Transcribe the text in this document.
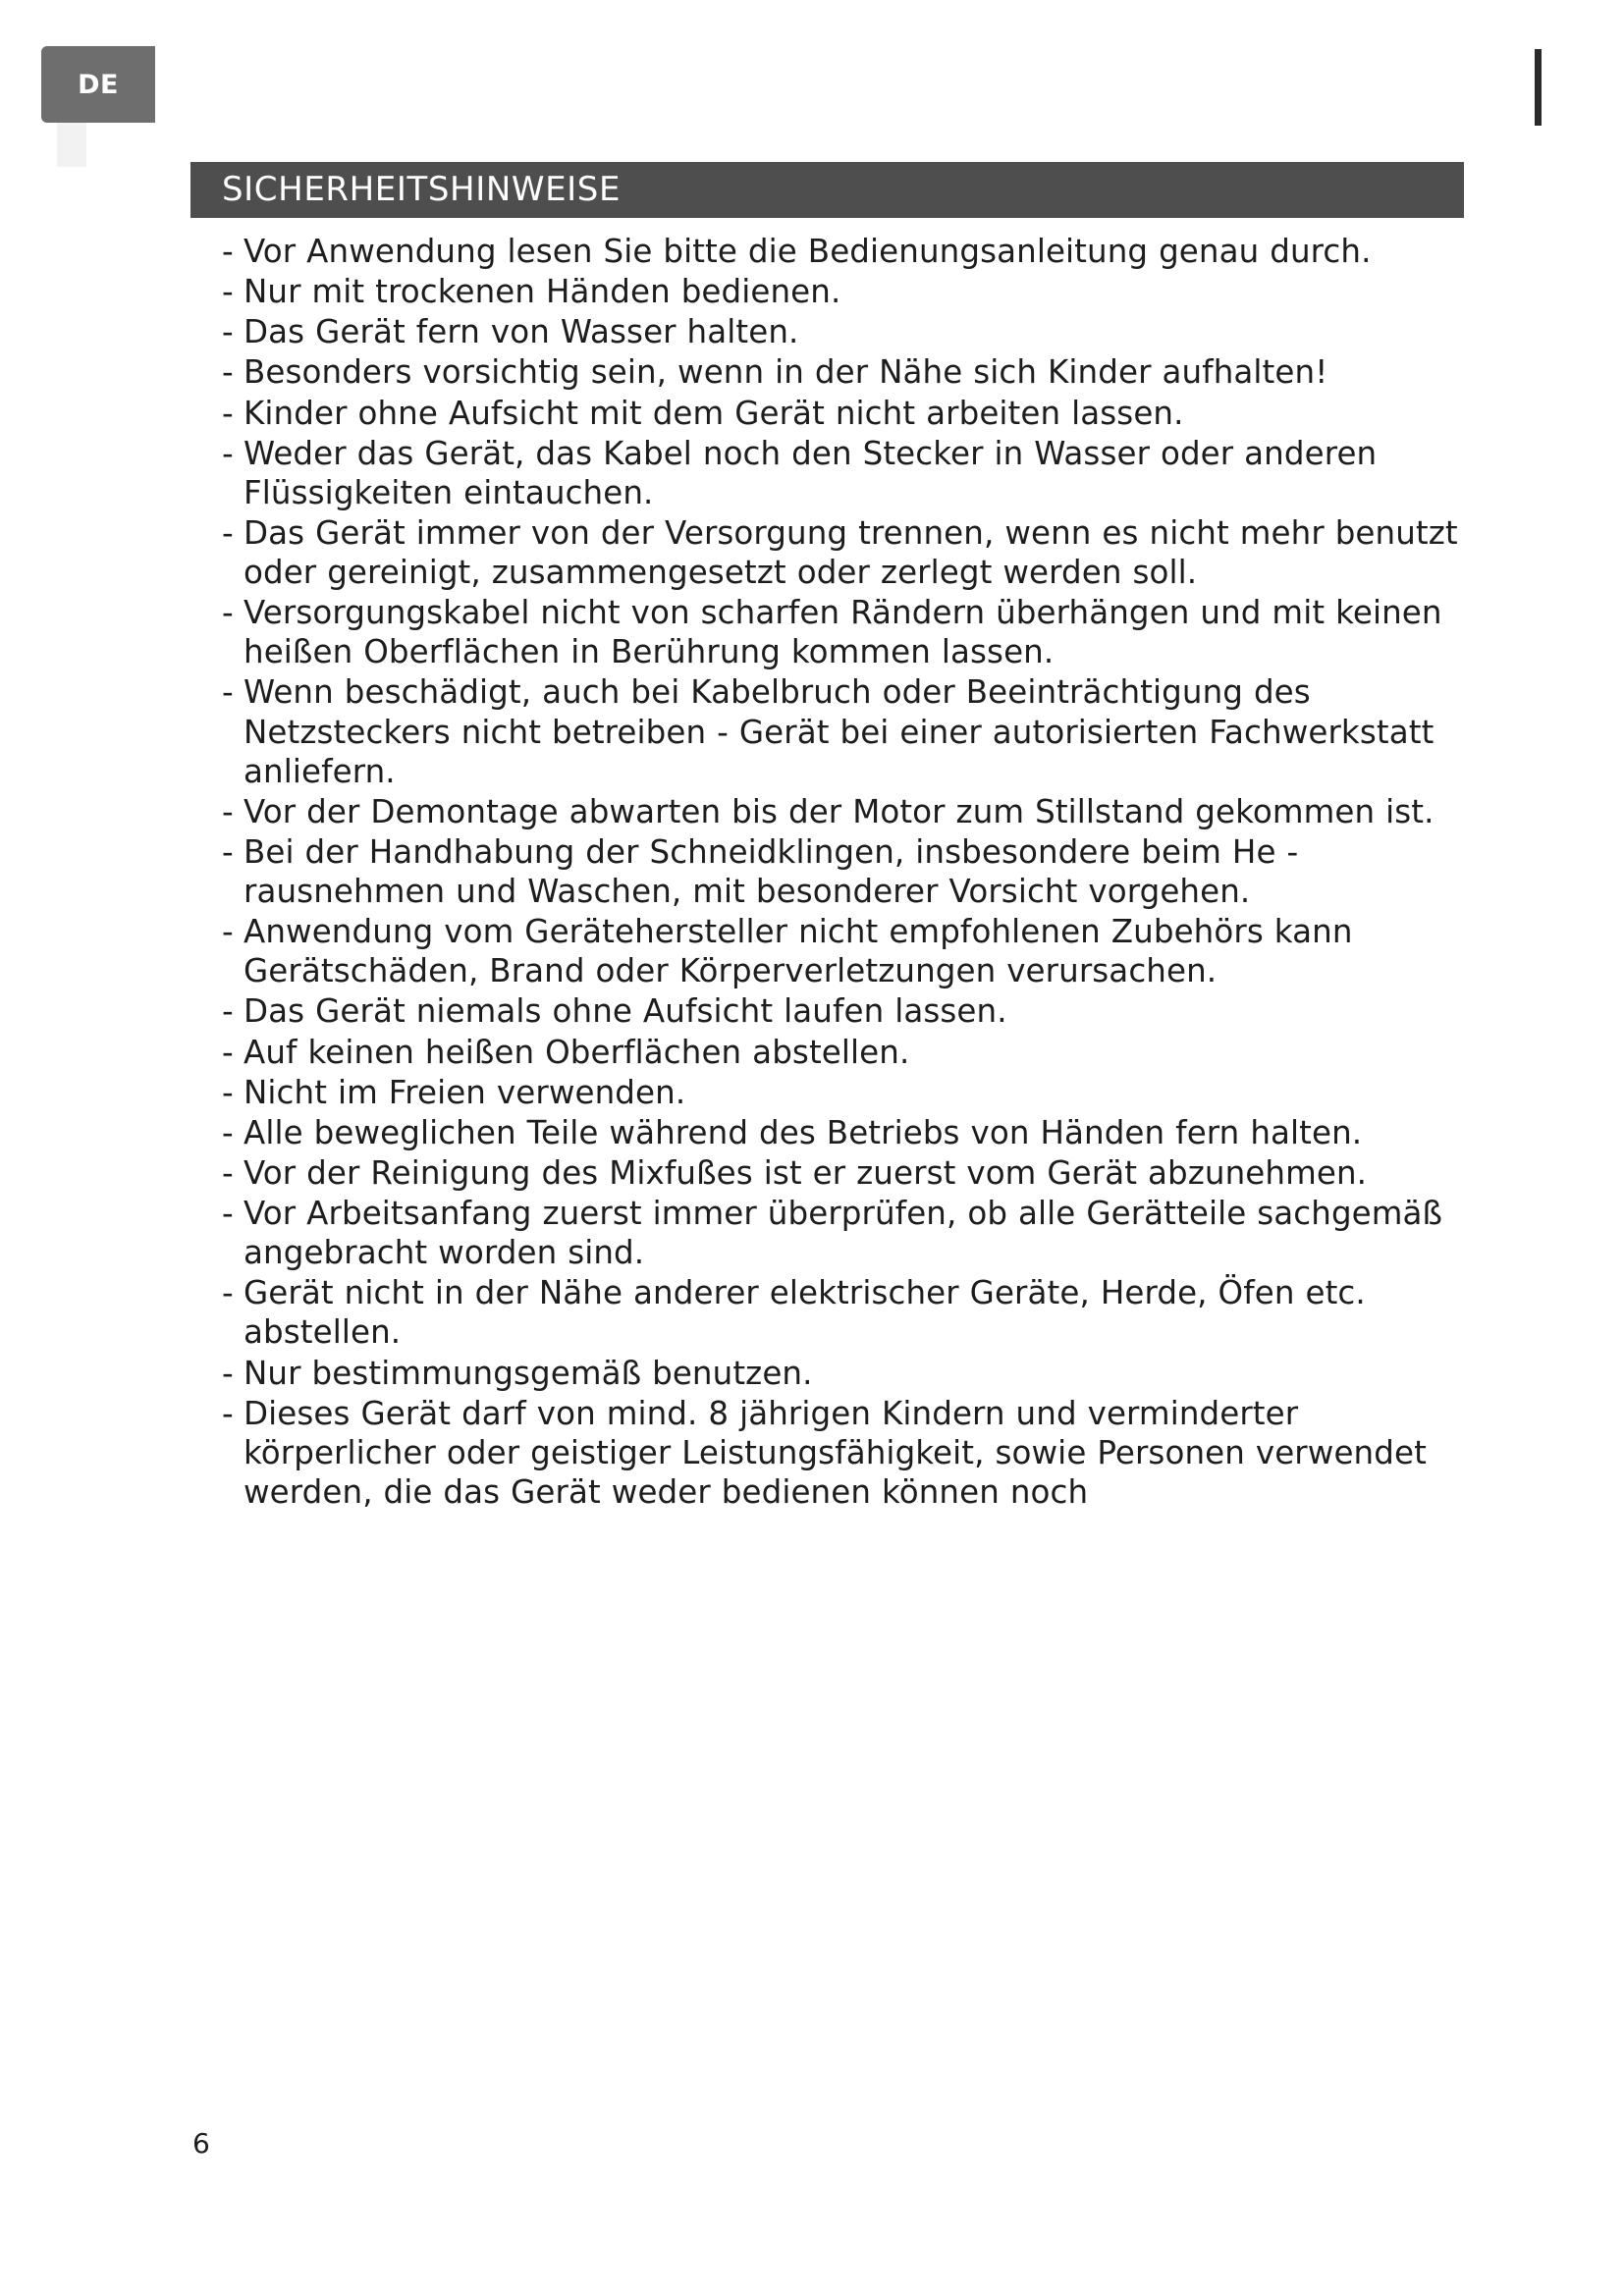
DE
SICHERHEITSHINWEISE
- Vor Anwendung lesen Sie bitte die Bedienungsanleitung genau durch.
- Nur mit trockenen Händen bedienen.
- Das Gerät fern von Wasser halten.
- Besonders vorsichtig sein, wenn in der Nähe sich Kinder aufhalten!
- Kinder ohne Aufsicht mit dem Gerät nicht arbeiten lassen.
- Weder das Gerät, das Kabel noch den Stecker in Wasser oder anderen Flüssigkeiten eintauchen.
- Das Gerät immer von der Versorgung trennen, wenn es nicht mehr benutzt oder gereinigt, zusammengesetzt oder zerlegt werden soll.
- Versorgungskabel nicht von scharfen Rändern überhängen und mit keinen heißen Oberflächen in Berührung kommen lassen.
- Wenn beschädigt, auch bei Kabelbruch oder Beeinträchtigung des Netzsteckers nicht betreiben - Gerät bei einer autorisierten Fachwerkstatt anliefern.
- Vor der Demontage abwarten bis der Motor zum Stillstand gekommen ist.
- Bei der Handhabung der Schneidklingen, insbesondere beim He - rausnehmen und Waschen, mit besonderer Vorsicht vorgehen.
- Anwendung vom Gerätehersteller nicht empfohlenen Zubehörs kann Gerätschäden, Brand oder Körperverletzungen verursachen.
- Das Gerät niemals ohne Aufsicht laufen lassen.
- Auf keinen heißen Oberflächen abstellen.
- Nicht im Freien verwenden.
- Alle beweglichen Teile während des Betriebs von Händen fern halten.
- Vor der Reinigung des Mixfußes ist er zuerst vom Gerät abzunehmen.
- Vor Arbeitsanfang zuerst immer überprüfen, ob alle Gerätteile sachgemäß angebracht worden sind.
- Gerät nicht in der Nähe anderer elektrischer Geräte, Herde, Öfen etc. abstellen.
- Nur bestimmungsgemäß benutzen.
- Dieses Gerät darf von mind. 8 jährigen Kindern und verminderter körperlicher oder geistiger Leistungsfähigkeit, sowie Personen verwendet werden, die das Gerät weder bedienen können noch
6
